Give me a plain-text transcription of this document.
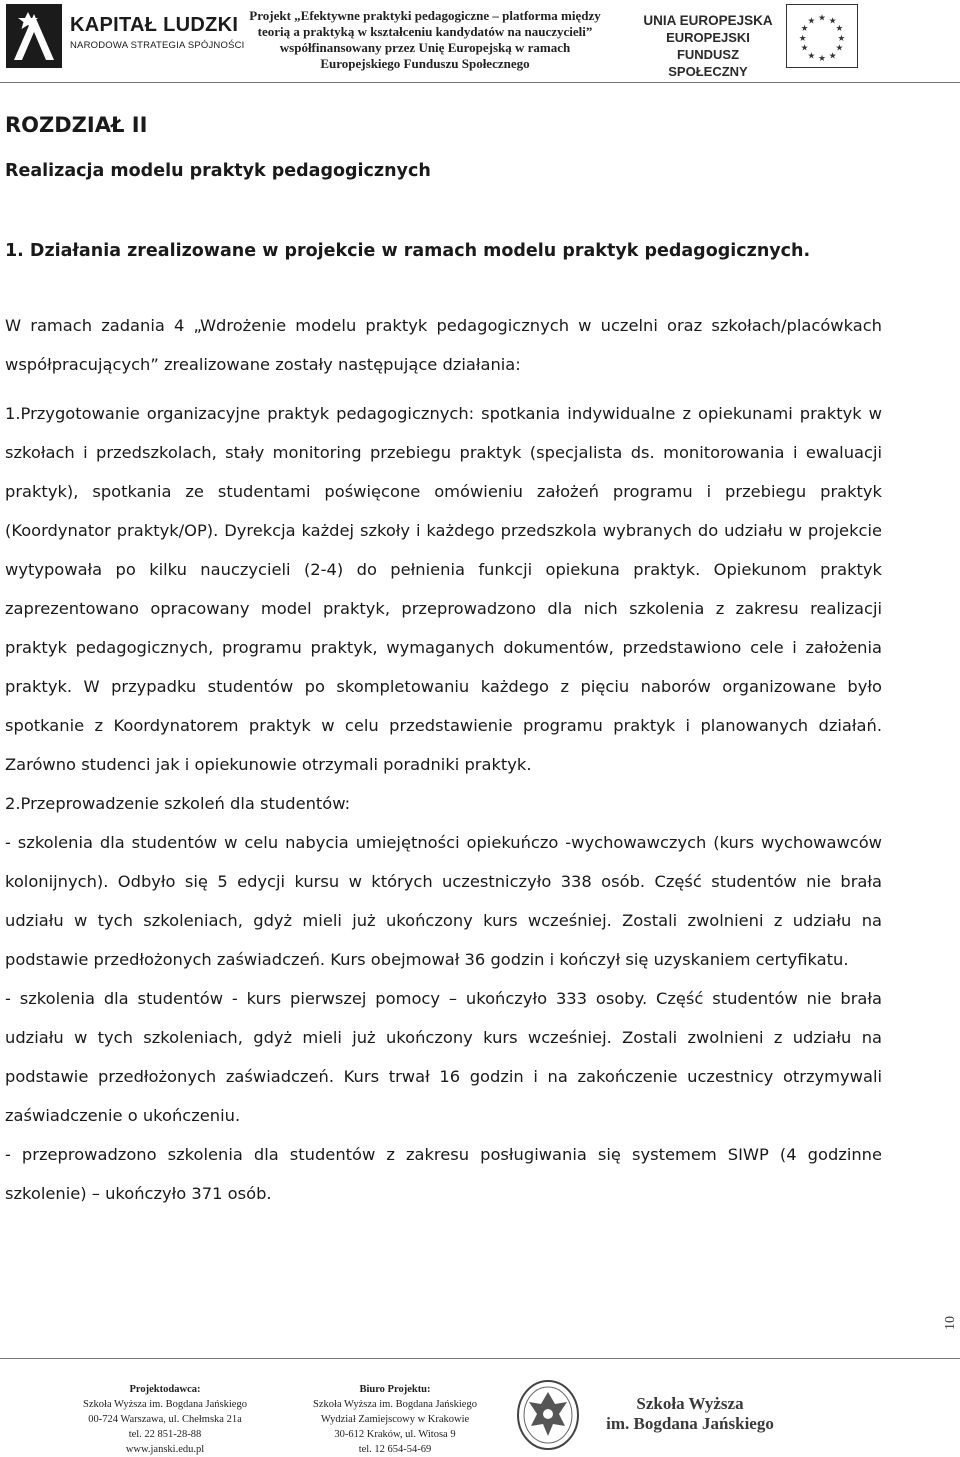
KAPITAŁ LUDZKI
NARODOWA STRATEGIA SPÓJNOŚCI
Projekt „Efektywne praktyki pedagogiczne – platforma między
teorią a praktyką w kształceniu kandydatów na nauczycieli”
współfinansowany przez Unię Europejską w ramach
Europejskiego Funduszu Społecznego
UNIA EUROPEJSKA
EUROPEJSKI
FUNDUSZ SPOŁECZNY
★ ★
★
★
★
★
★
★
★
★
★
★
ROZDZIAŁ II
Realizacja modelu praktyk pedagogicznych
1. Działania zrealizowane w projekcie w ramach modelu praktyk pedagogicznych.

W ramach zadania 4 „Wdrożenie modelu praktyk pedagogicznych w uczelni oraz szkołach/placówkach współpracujących” zrealizowane zostały następujące działania:

1.Przygotowanie organizacyjne praktyk pedagogicznych: spotkania indywidualne z opiekunami praktyk w szkołach i przedszkolach, stały monitoring przebiegu praktyk (specjalista ds. monitorowania i ewaluacji praktyk), spotkania ze studentami poświęcone omówieniu założeń programu i przebiegu praktyk (Koordynator praktyk/OP). Dyrekcja każdej szkoły i każdego przedszkola wybranych do udziału w projekcie wytypowała po kilku nauczycieli (2-4) do pełnienia funkcji opiekuna praktyk. Opiekunom praktyk zaprezentowano opracowany model praktyk, przeprowadzono dla nich szkolenia z zakresu realizacji praktyk pedagogicznych, programu praktyk, wymaganych dokumentów, przedstawiono cele i założenia praktyk. W przypadku studentów po skompletowaniu każdego z pięciu naborów organizowane było spotkanie z Koordynatorem praktyk w celu przedstawienie programu praktyk i planowanych działań. Zarówno studenci jak i opiekunowie otrzymali poradniki praktyk.

2.Przeprowadzenie szkoleń dla studentów:

- szkolenia dla studentów w celu nabycia umiejętności opiekuńczo -wychowawczych (kurs wychowawców kolonijnych). Odbyło się 5 edycji kursu w których uczestniczyło 338 osób. Część studentów nie brała udziału w tych szkoleniach, gdyż mieli już ukończony kurs wcześniej. Zostali zwolnieni z udziału na podstawie przedłożonych zaświadczeń. Kurs obejmował 36 godzin i kończył się uzyskaniem certyfikatu.

- szkolenia dla studentów - kurs pierwszej pomocy – ukończyło 333 osoby. Część studentów nie brała udziału w tych szkoleniach, gdyż mieli już ukończony kurs wcześniej. Zostali zwolnieni z udziału na podstawie przedłożonych zaświadczeń. Kurs trwał 16 godzin i na zakończenie uczestnicy otrzymywali zaświadczenie o ukończeniu.

- przeprowadzono szkolenia dla studentów z zakresu posługiwania się systemem SIWP (4 godzinne szkolenie) – ukończyło 371 osób.

10
Projektodawca:
Szkoła Wyższa im. Bogdana Jańskiego
00-724 Warszawa, ul. Chełmska 21a
tel. 22 851-28-88
www.janski.edu.pl
Biuro Projektu:
Szkoła Wyższa im. Bogdana Jańskiego
Wydział Zamiejscowy w Krakowie
30-612 Kraków, ul. Witosa 9
tel. 12 654-54-69
Szkoła Wyższa
im. Bogdana Jańskiego
